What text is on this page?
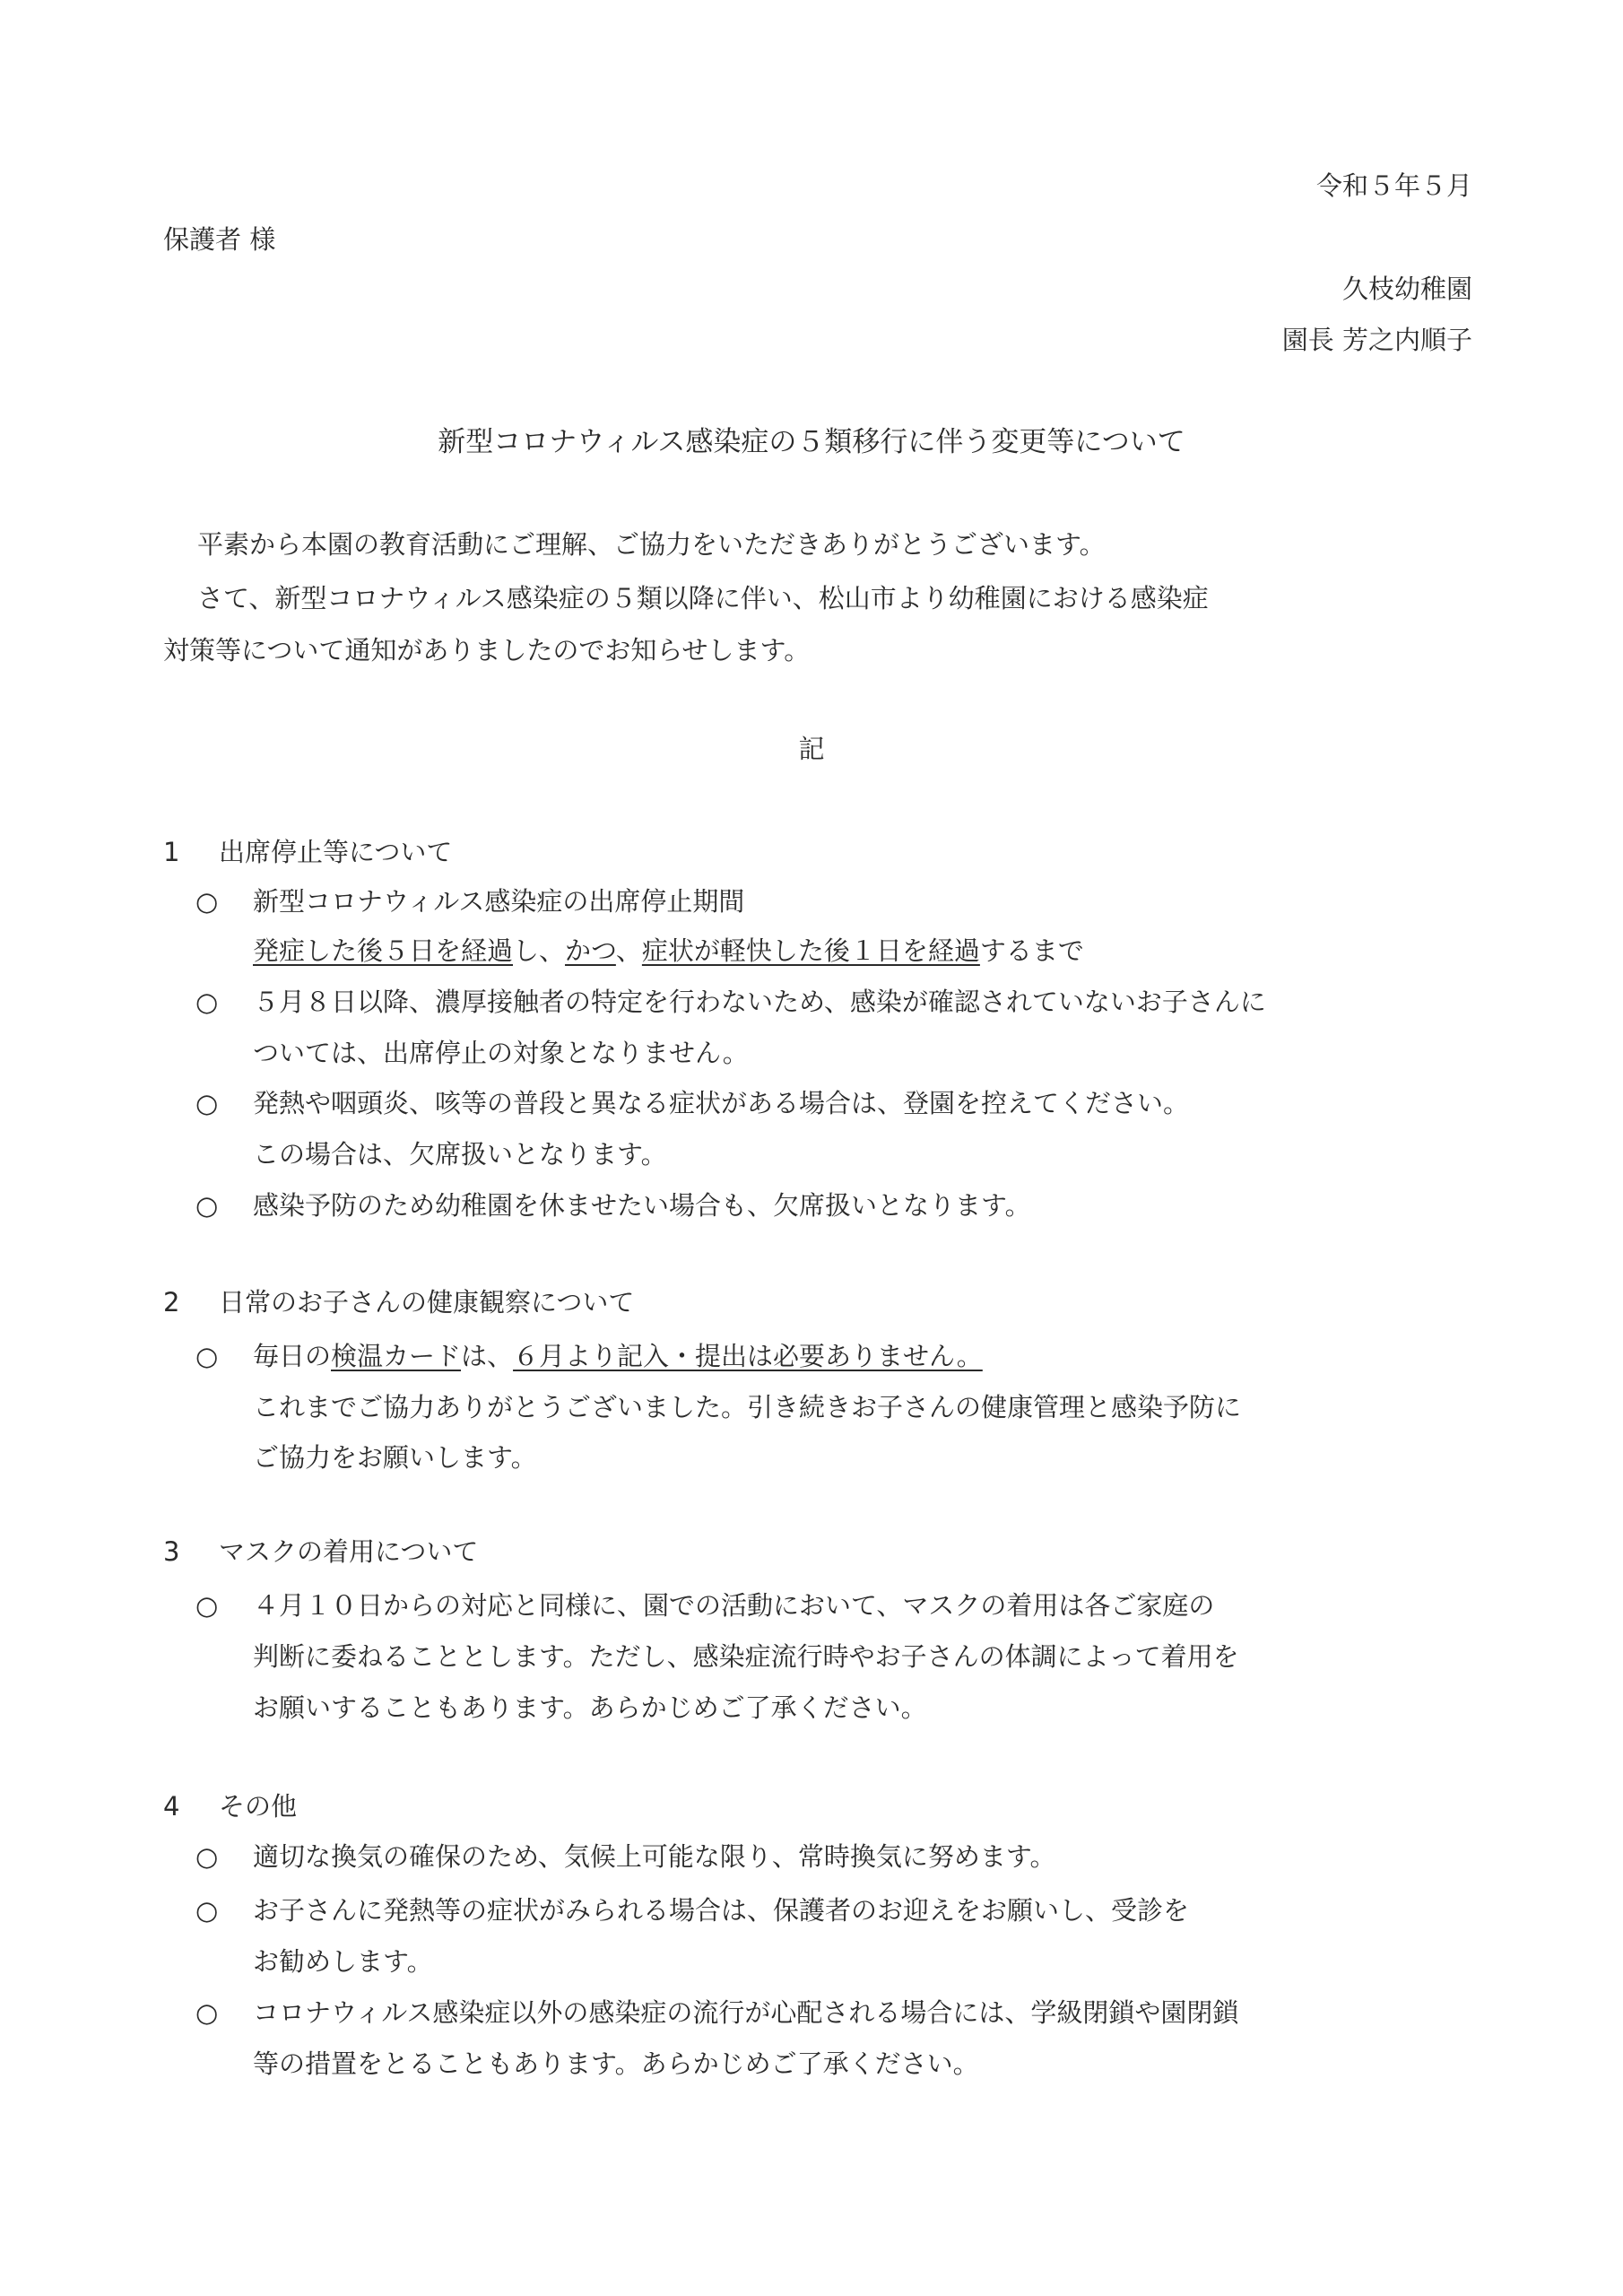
令和５年５月
保護者 様
久枝幼稚園
園長 芳之内順子
新型コロナウィルス感染症の５類移行に伴う変更等について
平素から本園の教育活動にご理解、ご協力をいただきありがとうございます。
さて、新型コロナウィルス感染症の５類以降に伴い、松山市より幼稚園における感染症
対策等について通知がありましたのでお知らせします。
記
1 出席停止等について
○ 新型コロナウィルス感染症の出席停止期間
発症した後５日を経過し、かつ、症状が軽快した後１日を経過するまで
○ ５月８日以降、濃厚接触者の特定を行わないため、感染が確認されていないお子さんに
ついては、出席停止の対象となりません。
○ 発熱や咽頭炎、咳等の普段と異なる症状がある場合は、登園を控えてください。
この場合は、欠席扱いとなります。
○ 感染予防のため幼稚園を休ませたい場合も、欠席扱いとなります。
2 日常のお子さんの健康観察について
○ 毎日の検温カードは、６月より記入・提出は必要ありません。
これまでご協力ありがとうございました。引き続きお子さんの健康管理と感染予防に
ご協力をお願いします。
3 マスクの着用について
○ ４月１０日からの対応と同様に、園での活動において、マスクの着用は各ご家庭の
判断に委ねることとします。ただし、感染症流行時やお子さんの体調によって着用を
お願いすることもあります。あらかじめご了承ください。
4 その他
○ 適切な換気の確保のため、気候上可能な限り、常時換気に努めます。
○ お子さんに発熱等の症状がみられる場合は、保護者のお迎えをお願いし、受診を
お勧めします。
○ コロナウィルス感染症以外の感染症の流行が心配される場合には、学級閉鎖や園閉鎖
等の措置をとることもあります。あらかじめご了承ください。
